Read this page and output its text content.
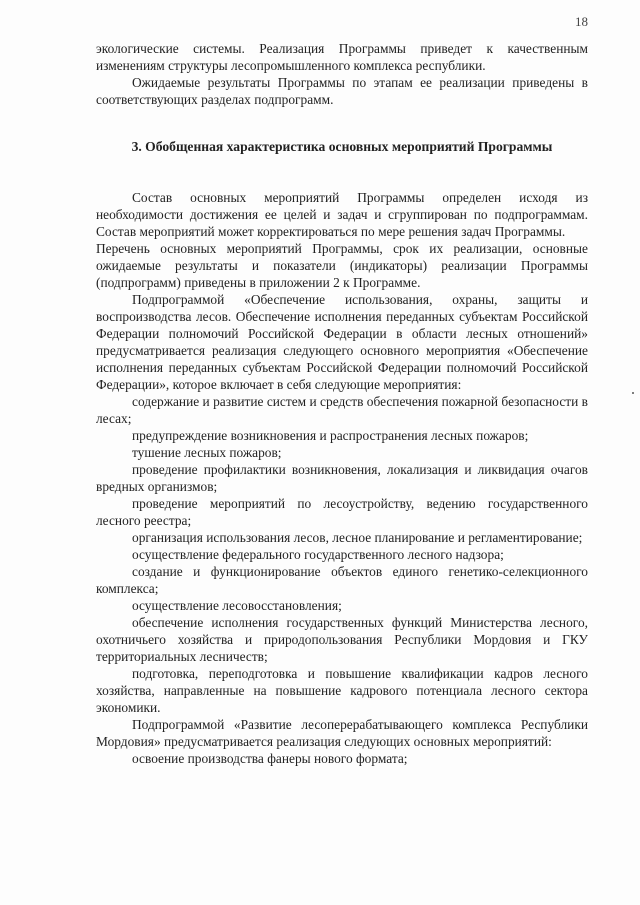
18

экологические системы. Реализация Программы приведет к качественным изменениям структуры лесопромышленного комплекса республики.

Ожидаемые результаты Программы по этапам ее реализации приведены в соответствующих разделах подпрограмм.

3. Обобщенная характеристика основных мероприятий Программы

Состав основных мероприятий Программы определен исходя из необходимости достижения ее целей и задач и сгруппирован по подпрограммам. Состав мероприятий может корректироваться по мере решения задач Программы.

Перечень основных мероприятий Программы, срок их реализации, основные ожидаемые результаты и показатели (индикаторы) реализации Программы (подпрограмм) приведены в приложении 2 к Программе.

Подпрограммой «Обеспечение использования, охраны, защиты и воспроизводства лесов. Обеспечение исполнения переданных субъектам Российской Федерации полномочий Российской Федерации в области лесных отношений» предусматривается реализация следующего основного мероприятия «Обеспечение исполнения переданных субъектам Российской Федерации полномочий Российской Федерации», которое включает в себя следующие мероприятия:

содержание и развитие систем и средств обеспечения пожарной безопасности в лесах;

предупреждение возникновения и распространения лесных пожаров;

тушение лесных пожаров;

проведение профилактики возникновения, локализация и ликвидация очагов вредных организмов;

проведение мероприятий по лесоустройству, ведению государственного лесного реестра;

организация использования лесов, лесное планирование и регламентирование;

осуществление федерального государственного лесного надзора;

создание и функционирование объектов единого генетико-селекционного комплекса;

осуществление лесовосстановления;

обеспечение исполнения государственных функций Министерства лесного, охотничьего хозяйства и природопользования Республики Мордовия и ГКУ территориальных лесничеств;

подготовка, переподготовка и повышение квалификации кадров лесного хозяйства, направленные на повышение кадрового потенциала лесного сектора экономики.

Подпрограммой «Развитие лесоперерабатывающего комплекса Республики Мордовия» предусматривается реализация следующих основных мероприятий:

освоение производства фанеры нового формата;
